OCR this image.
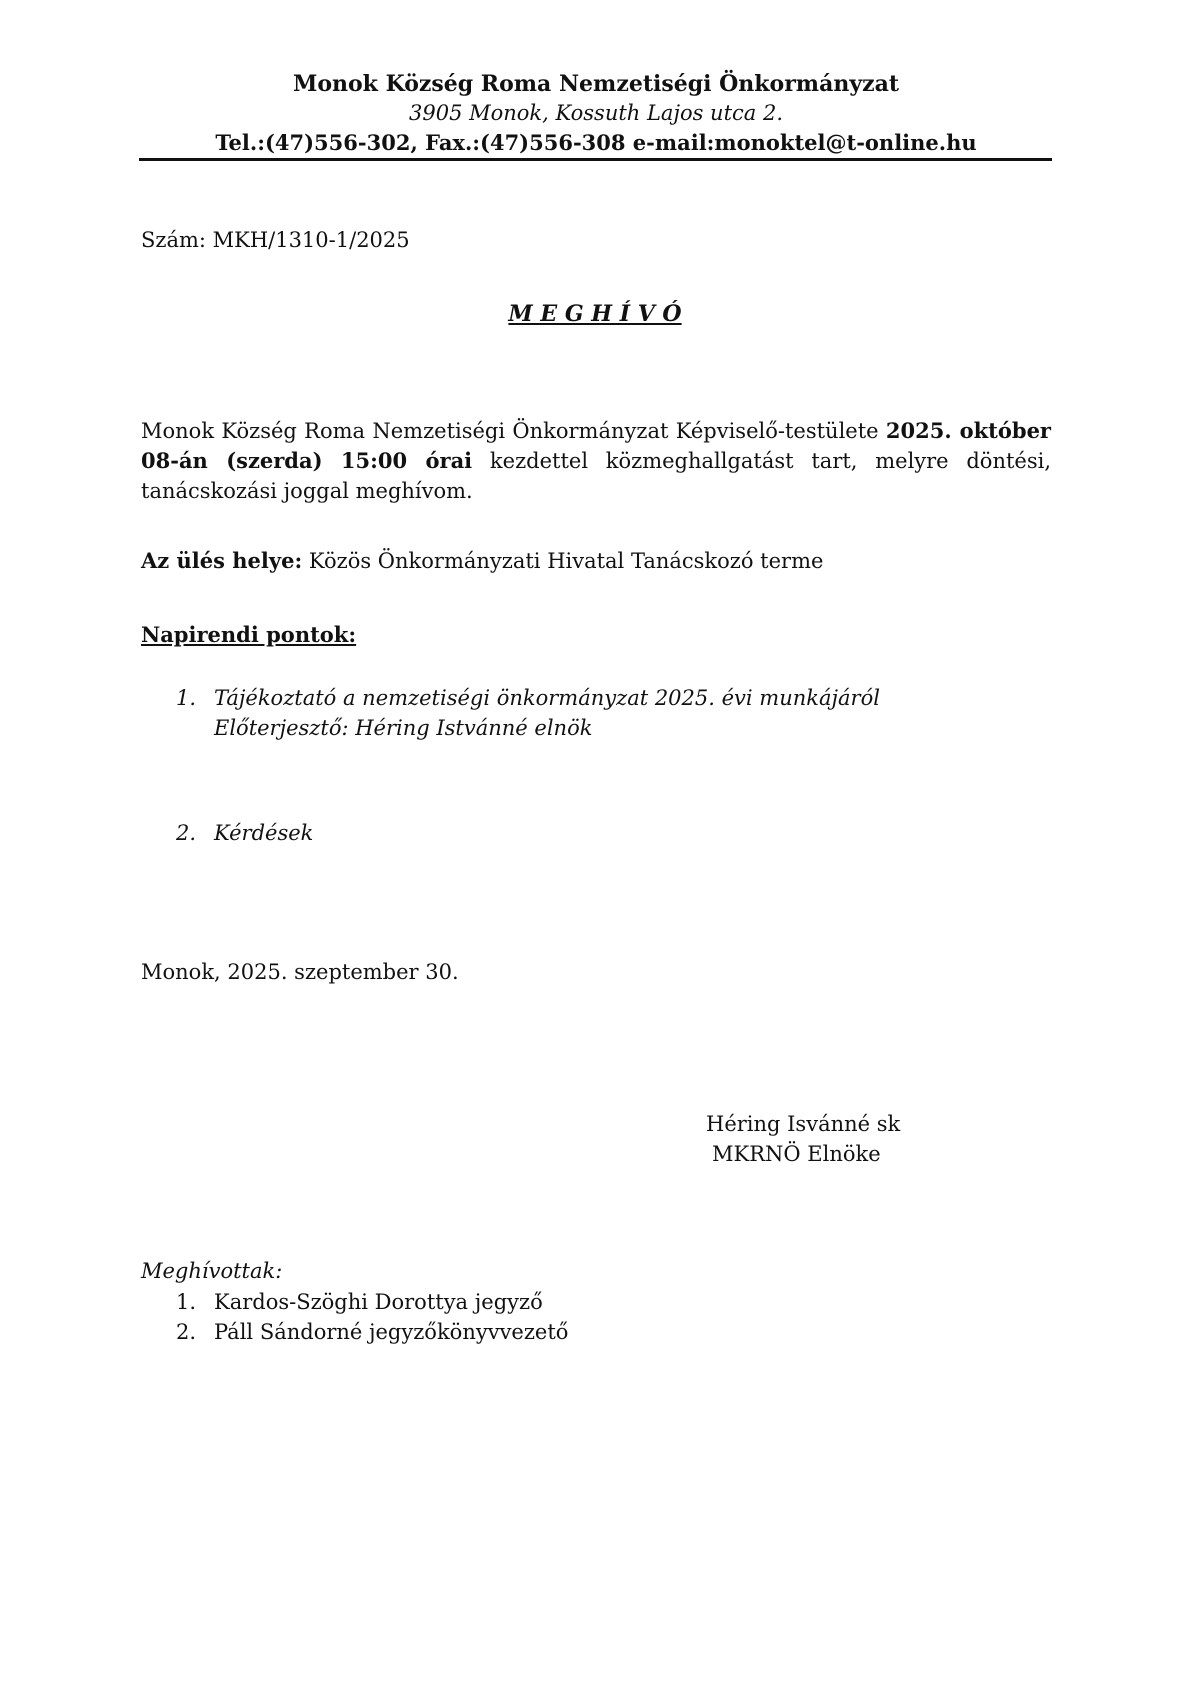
Monok Község Roma Nemzetiségi Önkormányzat
3905 Monok, Kossuth Lajos utca 2.
Tel.:(47)556-302, Fax.:(47)556-308 e-mail:monoktel@t-online.hu
Szám: MKH/1310-1/2025
M E G H Í V Ó
Monok Község Roma Nemzetiségi Önkormányzat Képviselő-testülete 2025. október 08-án (szerda) 15:00 órai kezdettel közmeghallgatást tart, melyre döntési, tanácskozási joggal meghívom.
Az ülés helye: Közös Önkormányzati Hivatal Tanácskozó terme
Napirendi pontok:
1. Tájékoztató a nemzetiségi önkormányzat 2025. évi munkájáról
Előterjesztő: Héring Istvánné elnök
2. Kérdések
Monok, 2025. szeptember 30.
Héring Isvánné sk
MKRNÖ Elnöke
Meghívottak:
1. Kardos-Szöghi Dorottya jegyző
2. Páll Sándorné jegyzőkönyvvezető
